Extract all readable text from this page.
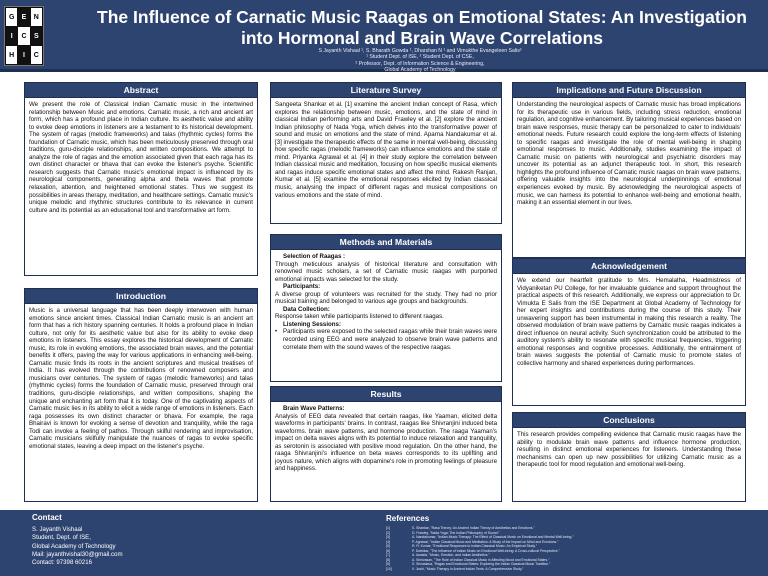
G	E	N
I	C	S
H	I	C
The Influence of Carnatic Music Raagas on Emotional States: An Investigation
into Hormonal and Brain Wave Correlations
S Jayanth Vishaal ¹, S. Bharath Gowda ¹, Dharshan N ¹ and Vimukthe Evangeleen Salis²
¹ Student Dept. of ISE, ² Student Dept. of CSE,
² Professor, Dept. of Information Science & Engineering,
Global Academy of Technology
Abstract
We present the role of Classical Indian Carnatic music in the intertwined relationship between Music and emotions. Carnatic music, a rich and ancient art form, which has a profound place in Indian culture. Its aesthetic value and ability to evoke deep emotions in listeners are a testament to its historical development. The system of ragas (melodic frameworks) and talas (rhythmic cycles) forms the foundation of Carnatic music, which has been meticulously preserved through oral traditions, guru-disciple relationships, and written compositions. We attempt to analyze the role of ragas and the emotion associated given that each raga has its own distinct character or bhava that can evoke the listener's psyche. Scientific research suggests that Carnatic music's emotional impact is influenced by its neurological components, generating alpha and theta waves that promote relaxation, attention, and heightened emotional states. Thus we suggest its possibilities in areas therapy, meditation, and healthcare settings. Carnatic music's unique melodic and rhythmic structures contribute to its relevance in current culture and its potential as an educational tool and transformative art form.
Introduction
Music is a universal language that has been deeply interwoven with human emotions since ancient times. Classical Indian Carnatic music is an ancient art form that has a rich history spanning centuries. It holds a profound place in Indian culture, not only for its aesthetic value but also for its ability to evoke deep emotions in listeners. This essay explores the historical development of Carnatic music, its role in evoking emotions, the associated brain waves, and the potential benefits it offers, paving the way for various applications in enhancing well-being. Carnatic music finds its roots in the ancient scriptures and musical treatises of India. It has evolved through the contributions of renowned composers and musicians over centuries. The system of ragas (melodic frameworks) and talas (rhythmic cycles) forms the foundation of Carnatic music, preserved through oral traditions, guru-disciple relationships, and written compositions, shaping the unique and enchanting art form that it is today. One of the captivating aspects of Carnatic music lies in its ability to elicit a wide range of emotions in listeners. Each raga possesses its own distinct character or bhava. For example, the raga Bhairavi is known for evoking a sense of devotion and tranquility, while the raga Todi can invoke a feeling of pathos. Through skilful rendering and improvisation, Carnatic musicians skilfully manipulate the nuances of ragas to evoke specific emotional states, leaving a deep impact on the listener's psyche.
Literature Survey
Sangeeta Shankar et al. [1] examine the ancient Indian concept of Rasa, which explores the relationship between music, emotions, and the state of mind in classical Indian performing arts and David Frawley et al. [2] explore the ancient Indian philosophy of Nada Yoga, which delves into the transformative power of sound and music on emotions and the state of mind. Aparna Nandakumar et al. [3] investigate the therapeutic effects of the same in mental well-being, discussing how specific ragas (melodic frameworks) can influence emotions and the state of mind. Priyanka Agrawal et al. [4] in their study explore the correlation between Indian classical music and meditation, focusing on how specific musical elements and ragas induce specific emotional states and affect the mind. Rakesh Ranjan, Kumar et al. [5] examine the emotional responses elicited by Indian classical music, analysing the impact of different ragas and musical compositions on various emotions and the state of mind.
Methods and Materials
Selection of Raagas :
Through meticulous analysis of historical literature and consultation with renowned music scholars, a set of Carnatic music raagas with purported emotional impacts was selected for the study.
Participants:
A diverse group of volunteers was recruited for the study. They had no prior musical training and belonged to various age groups and backgrounds.
Data Collection:
Response taken while participants listened to different raagas.
Listening Sessions:
• Participants were exposed to the selected raagas while their brain waves were recorded using EEG and were analyzed to observe brain wave patterns and correlate them with the sound waves of the respective raagas.
Results
Brain Wave Patterns:
Analysis of EEG data revealed that certain raagas, like Yaaman, elicited delta waveforms in participants' brains. In contrast, raagas like Shivranjini induced beta waveforms. brain wave patterns, and hormone production. The raaga Yaaman's impact on delta waves aligns with its potential to induce relaxation and tranquility, as serotonin is associated with positive mood regulation. On the other hand, the raaga Shivranjini's influence on beta waves corresponds to its uplifting and joyous nature, which aligns with dopamine's role in promoting feelings of pleasure and happiness.
Implications and Future Discussion
Understanding the neurological aspects of Carnatic music has broad implications for its therapeutic use in various fields, including stress reduction, emotional regulation, and cognitive enhancement. By tailoring musical experiences based on brain wave responses, music therapy can be personalized to cater to individuals' emotional needs. Future research could explore the long-term effects of listening to specific raagas and investigate the role of mental well-being in shaping emotional responses to music. Additionally, studies examining the impact of Carnatic music on patients with neurological and psychiatric disorders may uncover its potential as an adjunct therapeutic tool. In short, this research highlights the profound influence of Carnatic music raagas on brain wave patterns, offering valuable insights into the neurological underpinnings of emotional experiences evoked by music. By acknowledging the neurological aspects of music, we can harness its potential to enhance well-being and emotional health, making it an essential element in our lives.
Acknowledgement
We extend our heartfelt gratitude to Mrs. Hemalatha, Headmistress of Vidyaniketan PU College, for her invaluable guidance and support throughout the practical aspects of this research. Additionally, we express our appreciation to Dr. Vimukta E Salis from the ISE Department at Global Academy of Technology for her expert insights and contributions during the course of this study. Their unwavering support has been instrumental in making this research a reality. The observed modulation of brain wave patterns by Carnatic music raagas indicates a direct influence on neural activity. Such synchronization could be attributed to the auditory system's ability to resonate with specific musical frequencies, triggering emotional responses and cognitive processes. Additionally, the entrainment of brain waves suggests the potential of Carnatic music to promote states of collective harmony and shared experiences during performances.
Conclusions
This research provides compelling evidence that Carnatic music raagas have the ability to modulate brain wave patterns and influence hormone production, resulting in distinct emotional experiences for listeners. Understanding these mechanisms can open up new possibilities for utilizing Carnatic music as a therapeutic tool for mood regulation and emotional well-being.
Contact
S. Jayanth Vishaal
Student, Dept. of ISE,
Global Academy of Technology
Mail: jayanthvishal30@gmail.com
Contact: 97398 60216
References
[1]	S. Shankar, "Rasa Theory: An Ancient Indian Theory of Aesthetics and Emotions."
[2]	D. Frawley, "Nada Yoga: The Indian Philosophy of Sound."
[3]	A. Nandakumar, "Indian Music Therapy: The Effect of Classical Music on Emotional and Mental Well-being."
[4]	P. Agrawal, "Indian Classical Music and Meditation: A Study of the Impact on Mind and Emotions."
[5]	R. R. Kumar, "Emotional Responses to Indian Classical Music: An Empirical Study."
[6]	P. Dwivikar, "The Influence of Indian Music on Emotional Well-being: A Cross-cultural Perspective."
[7]	A. Awasta, "Music, Emotion, and Indian Aesthetics."
[8]	A. Srinivasan, "The Role of Indian Classical Music in Affecting Mood and Emotional States."
[9]	S. Srivastava, "Ragas and Emotional States: Exploring the Indian Classical Music Tradition."
[10]	V. Joshi, "Music Therapy in Ancient Indian Texts: A Comprehensive Study."
